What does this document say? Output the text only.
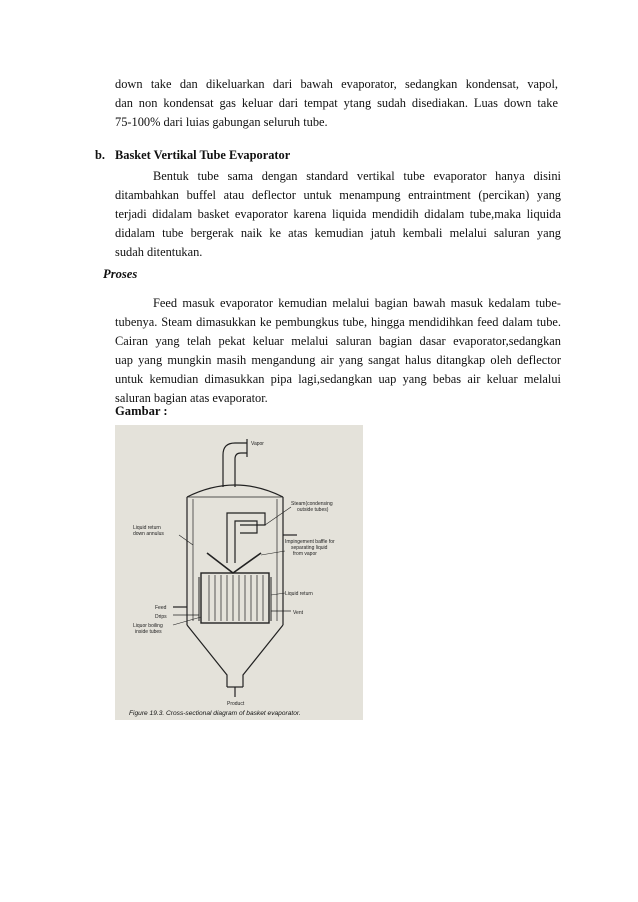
down take dan dikeluarkan dari bawah evaporator, sedangkan kondensat, vapol,
dan non kondensat gas keluar dari tempat ytang sudah disediakan. Luas down take
75-100% dari luias gabungan seluruh tube.
b. Basket Vertikal Tube Evaporator
Bentuk tube sama dengan standard vertikal tube evaporator hanya disini
ditambahkan buffel atau deflector untuk menampung entraintment (percikan) yang
terjadi didalam basket evaporator karena liquida mendidih didalam tube,maka liquida
didalam tube bergerak naik ke atas kemudian jatuh kembali melalui saluran yang
sudah ditentukan.
Proses
Feed masuk evaporator kemudian melalui bagian bawah masuk kedalam tube-
tubenya. Steam dimasukkan ke pembungkus tube, hingga mendidihkan feed dalam tube.
Cairan yang telah pekat keluar melalui saluran bagian dasar evaporator,sedangkan
uap yang mungkin masih mengandung air yang sangat halus ditangkap oleh deflector
untuk kemudian dimasukkan pipa lagi,sedangkan uap yang bebas air keluar melalui
saluran bagian atas evaporator.
Gambar :
Vapor
Steam(condensing
outside tubes)
Liquid return
down annulus
Impingement baffle for
separating liquid
from vapor
Feed
Liquid return
Drips
Vent
Liquor boiling
inside tubes
Product
Figure 19.3. Cross-sectional diagram of basket evaporator.
